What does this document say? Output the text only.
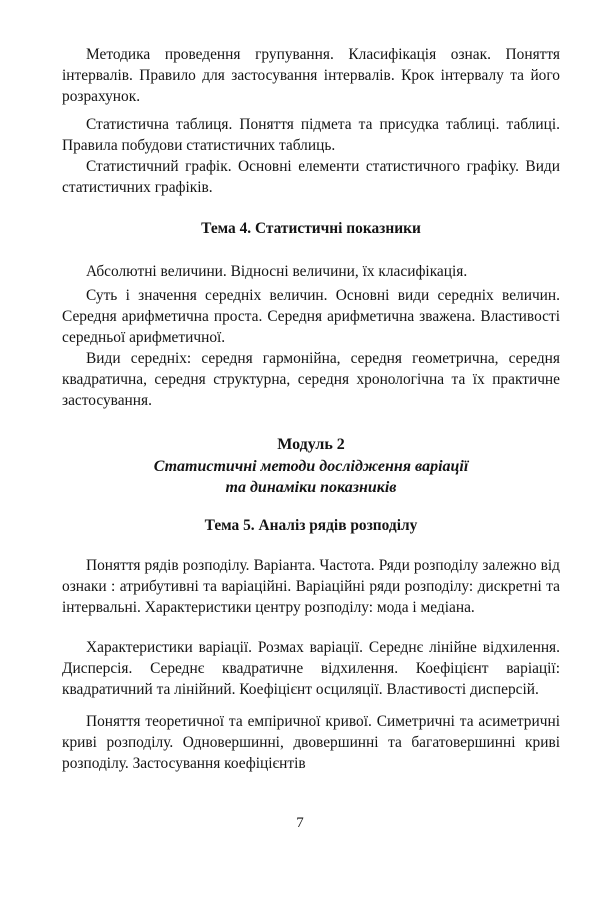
Методика проведення групування. Класифікація ознак. Поняття інтервалів. Правило для застосування інтервалів. Крок інтервалу та його розрахунок.

Статистична таблиця. Поняття підмета та присудка таблиці. таблиці. Правила побудови статистичних таблиць.

Статистичний графік. Основні елементи статистичного графіку. Види статистичних графіків.

Тема 4. Статистичні показники

Абсолютні величини. Відносні величини, їх класифікація.

Суть і значення середніх величин. Основні види середніх величин. Середня арифметична проста. Середня арифметична зважена. Властивості середньої арифметичної.

Види середніх: середня гармонійна, середня геометрична, середня квадратична, середня структурна, середня хронологічна та їх практичне застосування.

Модуль 2
Статистичні методи дослідження варіації
та динаміки показників
Тема 5. Аналіз рядів розподілу

Поняття рядів розподілу. Варіанта. Частота. Ряди розподілу залежно від ознаки : атрибутивні та варіаційні. Варіаційні ряди розподілу: дискретні та інтервальні. Характеристики центру розподілу: мода і медіана.

Характеристики варіації. Розмах варіації. Середнє лінійне відхилення. Дисперсія. Середнє квадратичне відхилення. Коефіцієнт варіації: квадратичний та лінійний. Коефіцієнт осциляції. Властивості дисперсій.

Поняття теоретичної та емпіричної кривої. Симетричні та асиметричні криві розподілу. Одновершинні, двовершинні та багатовершинні криві розподілу. Застосування коефіцієнтів

7
